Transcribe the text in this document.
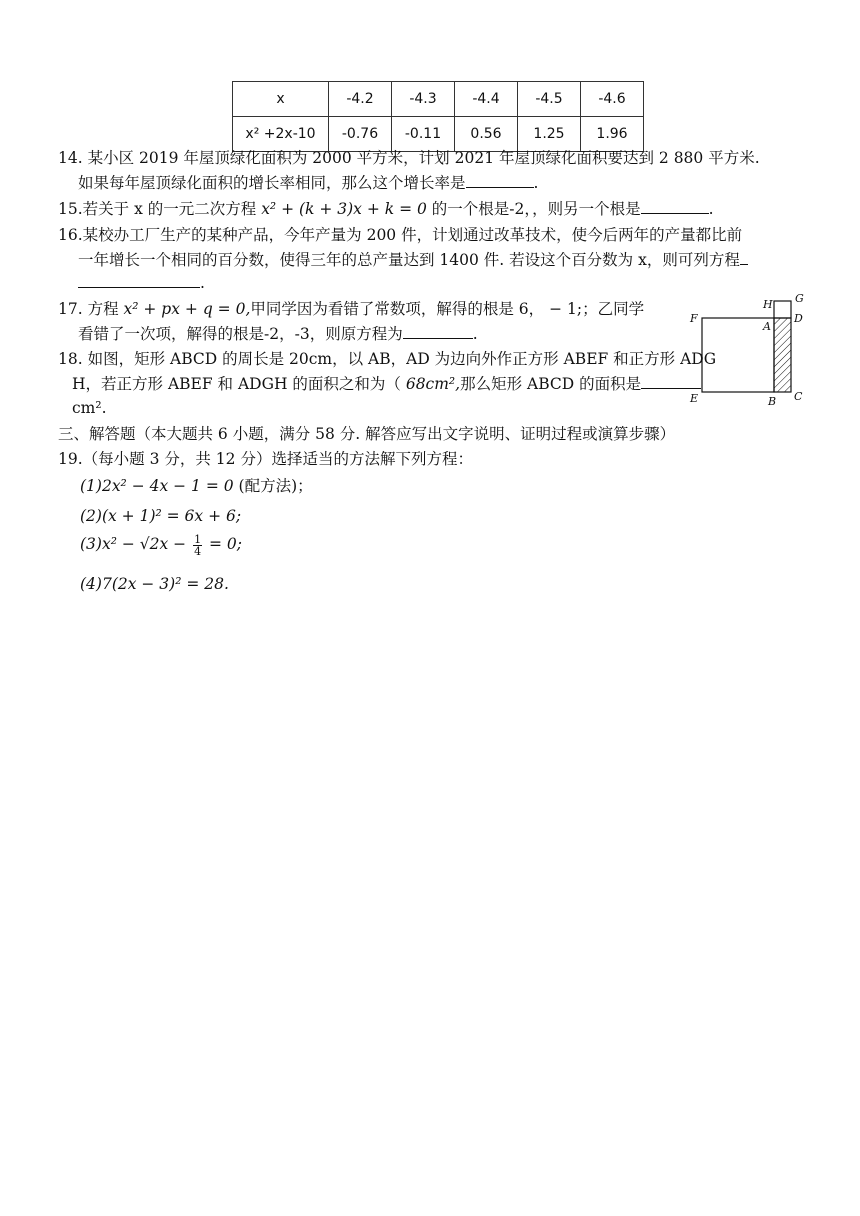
x	-4.2	-4.3	-4.4	-4.5	-4.6
x² +2x-10	-0.76	-0.11	0.56	1.25	1.96
14. 某小区 2019 年屋顶绿化面积为 2000 平方米，计划 2021 年屋顶绿化面积要达到 2 880 平方米.
如果每年屋顶绿化面积的增长率相同，那么这个增长率是	.
15.若关于 x 的一元二次方程 x² + (k + 3)x + k = 0 的一个根是-2，，则另一个根是	.
16.某校办工厂生产的某种产品，今年产量为 200 件，计划通过改革技术，使今后两年的产量都比前
一年增长一个相同的百分数，使得三年的总产量达到 1400 件. 若设这个百分数为 x，则可列方程
.
17. 方程 x² + px + q = 0,甲同学因为看错了常数项，解得的根是 6， − 1;；乙同学
看错了一次项，解得的根是-2，-3，则原方程为	.
18. 如图，矩形 ABCD 的周长是 20cm，以 AB，AD 为边向外作正方形 ABEF 和正方形 ADG
H，若正方形 ABEF 和 ADGH 的面积之和为（ 68cm²,那么矩形 ABCD 的面积是
cm².
F
E
H G
A
D
B C
三、解答题（本大题共 6 小题，满分 58 分. 解答应写出文字说明、证明过程或演算步骤）
19.（每小题 3 分，共 12 分）选择适当的方法解下列方程：
(1)2x² − 4x − 1 = 0 (配方法)；
(2)(x + 1)² = 6x + 6;
$(3)x^2 - √2x - \frac{1}{4} = 0$;
(4)7(2x − 3)² = 28.
